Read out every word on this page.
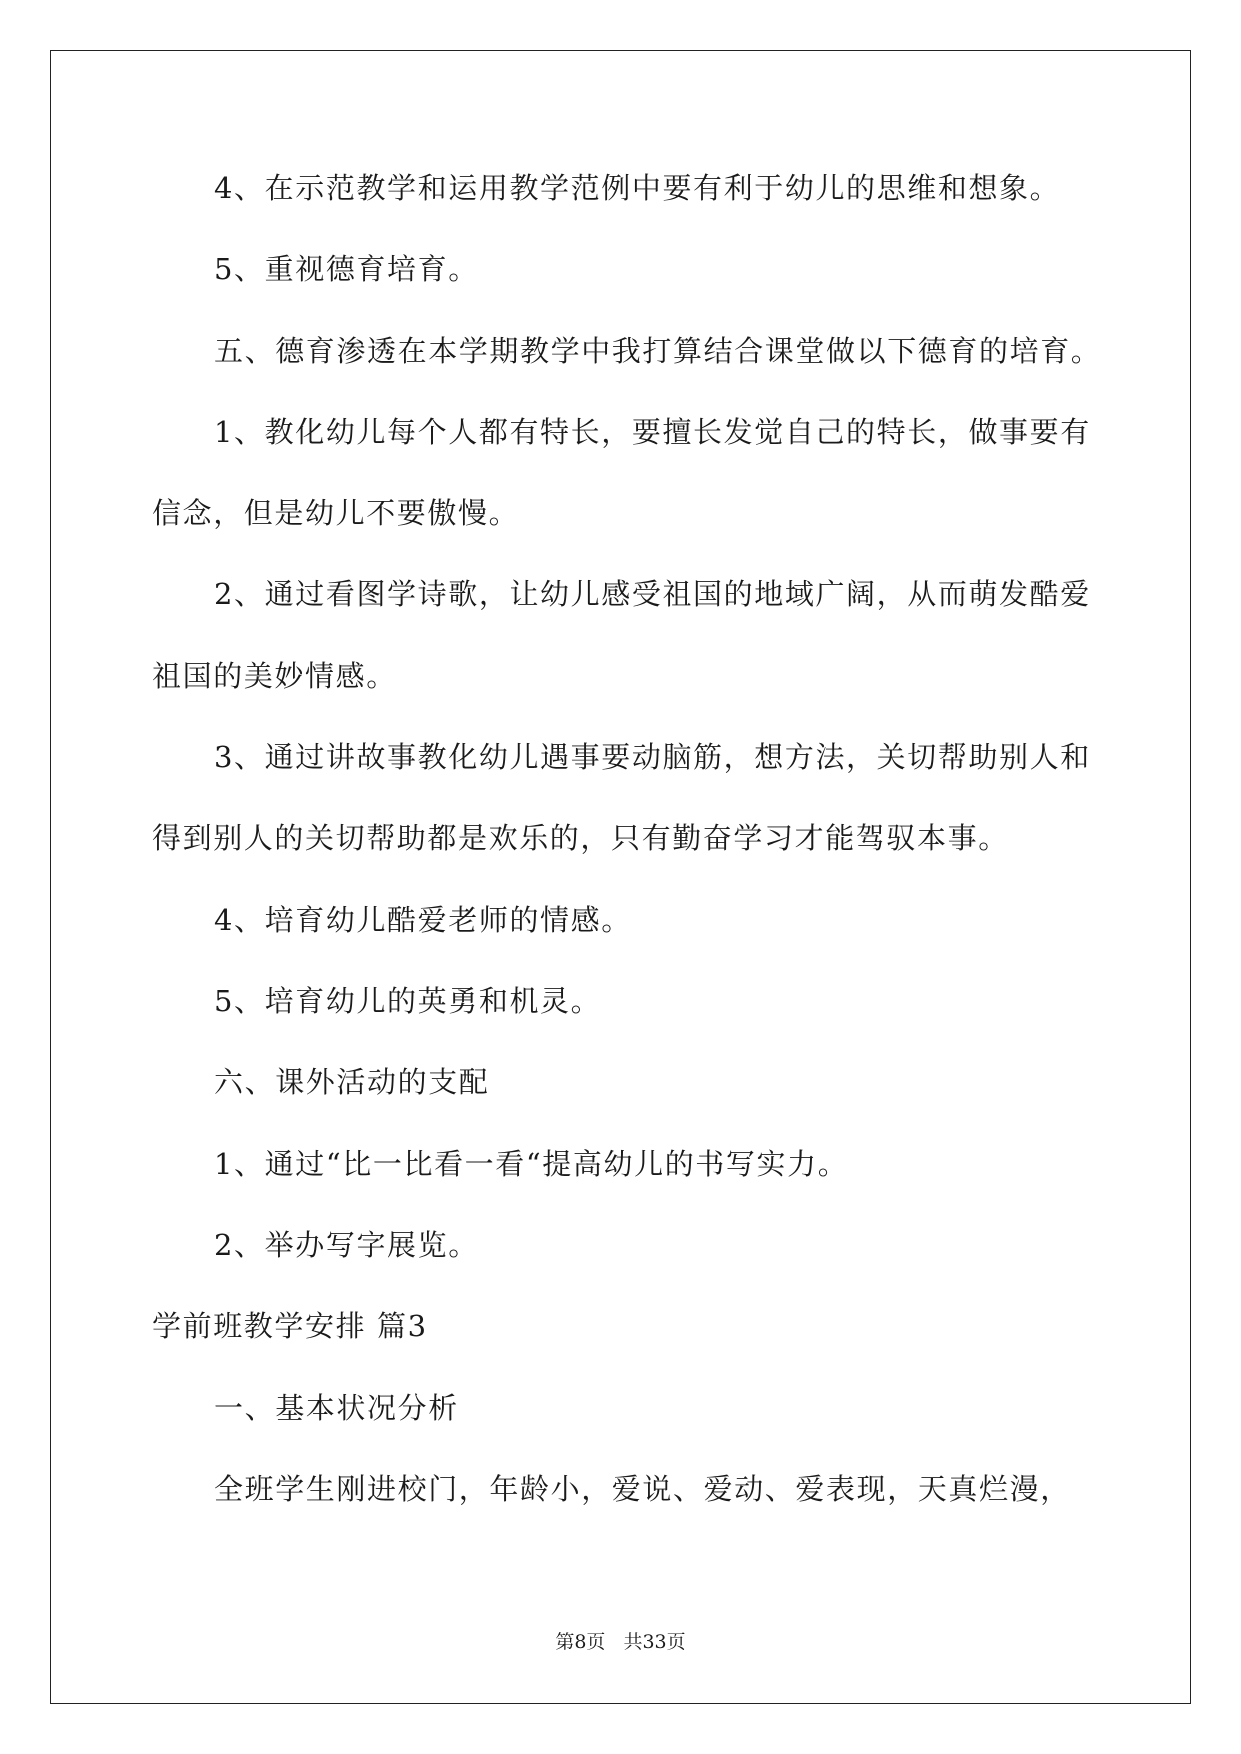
4、在示范教学和运用教学范例中要有利于幼儿的思维和想象。
5、重视德育培育。
五、德育渗透在本学期教学中我打算结合课堂做以下德育的培育。
1、教化幼儿每个人都有特长，要擅长发觉自己的特长，做事要有
信念，但是幼儿不要傲慢。
2、通过看图学诗歌，让幼儿感受祖国的地域广阔，从而萌发酷爱
祖国的美妙情感。
3、通过讲故事教化幼儿遇事要动脑筋，想方法，关切帮助别人和
得到别人的关切帮助都是欢乐的，只有勤奋学习才能驾驭本事。
4、培育幼儿酷爱老师的情感。
5、培育幼儿的英勇和机灵。
六、课外活动的支配
1、通过“比一比看一看“提高幼儿的书写实力。
2、举办写字展览。
学前班教学安排 篇3
一、基本状况分析
全班学生刚进校门，年龄小，爱说、爱动、爱表现，天真烂漫，
第8页 共33页
